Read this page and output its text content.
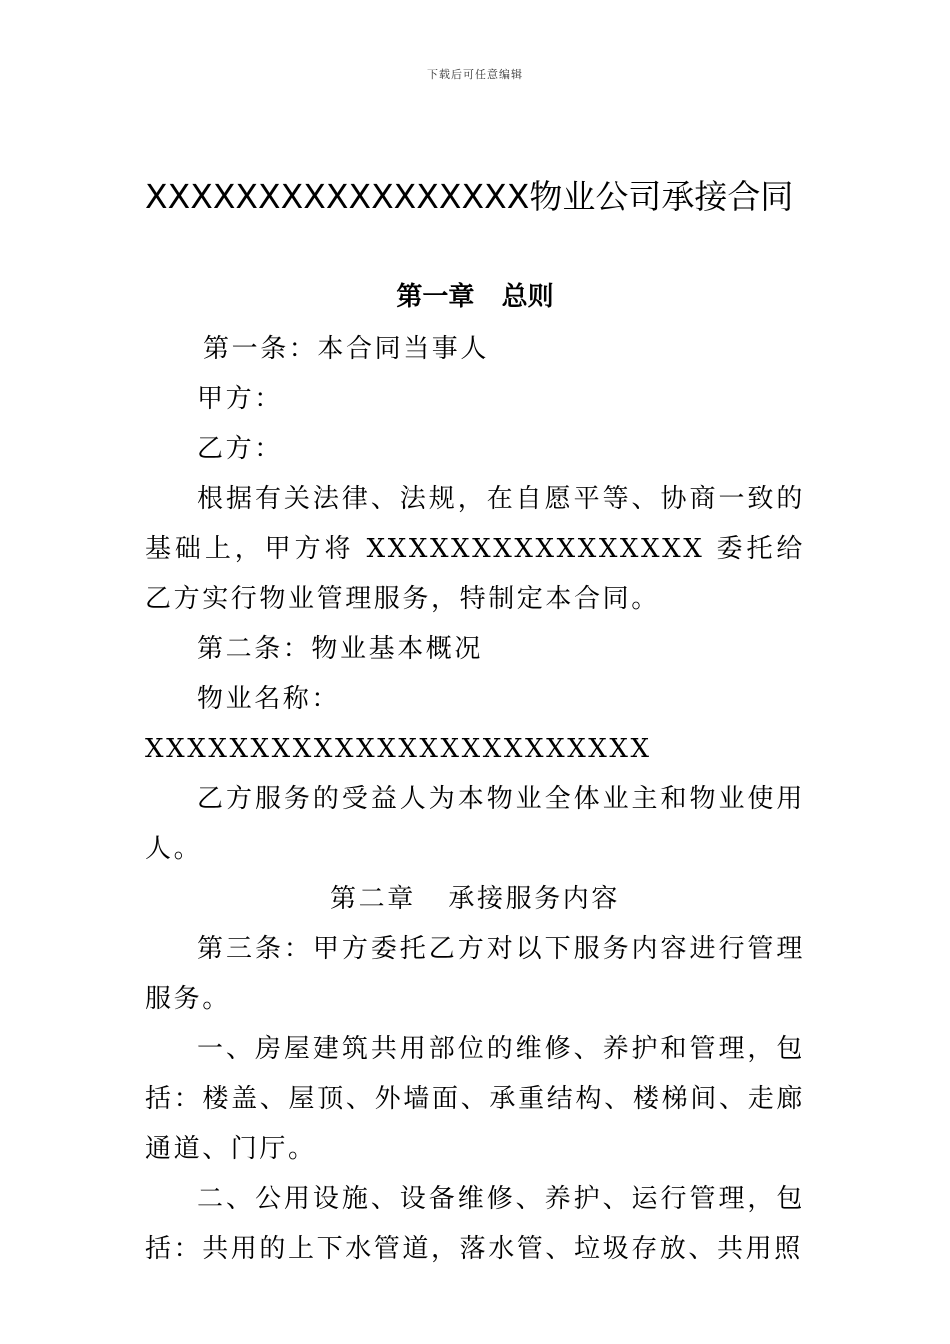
下载后可任意编辑
XXXXXXXXXXXXXXXXX物业公司承接合同
第一章   总则

第一条：本合同当事人

甲方：

乙方：

根据有关法律、法规，在自愿平等、协商一致的基础上，甲方将 XXXXXXXXXXXXXXXX 委托给乙方实行物业管理服务，特制定本合同。

第二条：物业基本概况

物业名称：XXXXXXXXXXXXXXXXXXXXXXXX

乙方服务的受益人为本物业全体业主和物业使用人。

第二章   承接服务内容

第三条：甲方委托乙方对以下服务内容进行管理服务。

一、房屋建筑共用部位的维修、养护和管理，包括：楼盖、屋顶、外墙面、承重结构、楼梯间、走廊通道、门厅。

二、公用设施、设备维修、养护、运行管理，包括：共用的上下水管道，落水管、垃圾存放、共用照
